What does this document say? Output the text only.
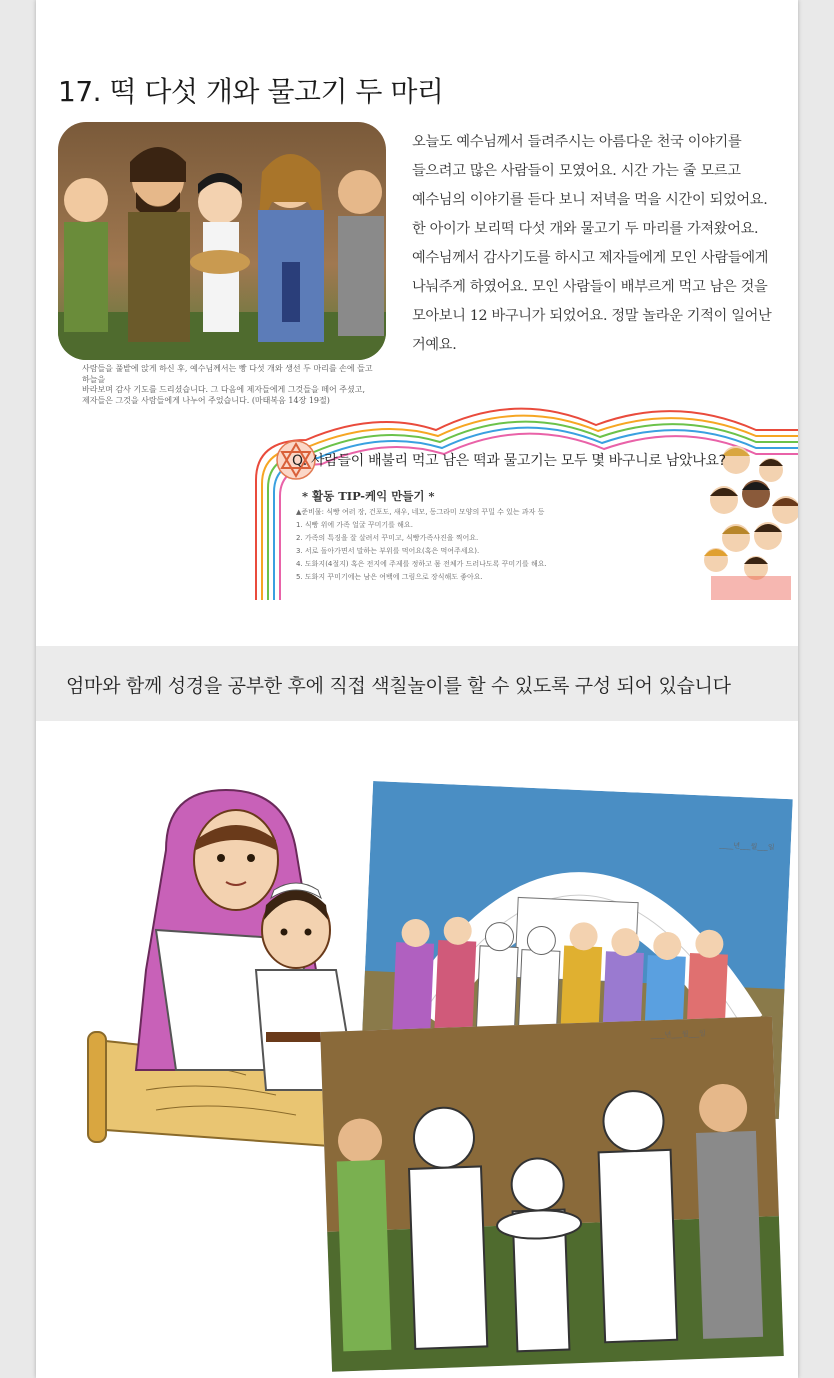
17. 떡 다섯 개와 물고기 두 마리
사람들을 풀밭에 앉게 하신 후, 예수님께서는 빵 다섯 개와 생선 두 마리를 손에 들고 하늘을
바라보며 감사 기도를 드리셨습니다. 그 다음에 제자들에게 그것들을 떼어 주셨고,
제자들은 그것을 사람들에게 나누어 주었습니다. (마태복음 14장 19절)
오늘도 예수님께서 들려주시는 아름다운 천국 이야기를
들으려고 많은 사람들이 모였어요. 시간 가는 줄 모르고
예수님의 이야기를 듣다 보니 저녁을 먹을 시간이 되었어요.
한 아이가 보리떡 다섯 개와 물고기 두 마리를 가져왔어요.
예수님께서 감사기도를 하시고 제자들에게 모인 사람들에게
나눠주게 하였어요. 모인 사람들이 배부르게 먹고 남은 것을
모아보니 12 바구니가 되었어요. 정말 놀라운 기적이 일어난
거예요.
Q. 사람들이 배불리 먹고 남은 떡과 물고기는 모두 몇 바구니로 남았나요?
* 활동 TIP-케익 만들기 *
▲준비물: 식빵 여러 장, 건포도, 새우, 네모, 동그라미 모양의 꾸밀 수 있는 과자 등
1. 식빵 위에 가족 얼굴 꾸미기를 해요.
2. 가족의 특징을 잘 살려서 꾸미고, 식빵가족사진을 찍어요.
3. 서로 돌아가면서 말하는 부위를 먹어요(혹은 먹여주세요).
4. 도화지(4절지) 혹은 전지에 주제를 정하고 몸 전체가 드러나도록 꾸미기를 해요.
5. 도화지 꾸미기에는 남은 여백에 그림으로 장식해도 좋아요.
엄마와 함께 성경을 공부한 후에 직접 색칠놀이를 할 수 있도록 구성 되어 있습니다
____년___월___일
____년___월___일
